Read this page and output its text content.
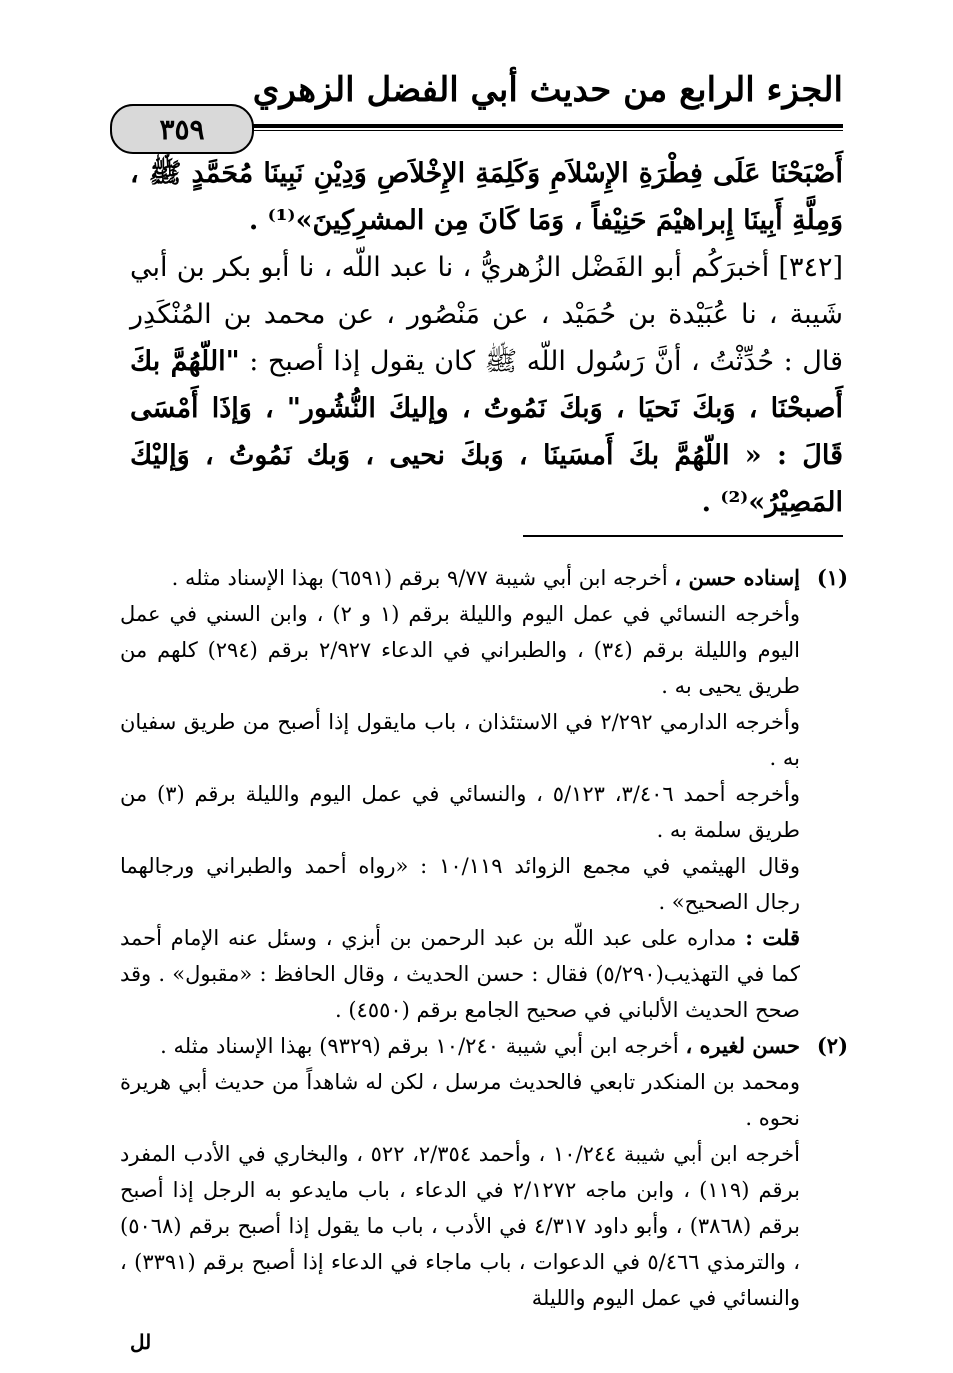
الجزء الرابع من حديث أبي الفضل الزهري
٣٥٩

أَصْبَحْنَا عَلَى فِطْرَةِ الإِسْلاَمِ وَكَلِمَةِ الإِخْلاَصِ وَدِيْنِ نَبِينَا مُحَمَّدٍ ﷺ ، وَمِلَّةِ أَبِينَا إِبراهيْمَ حَنِيْفاً ، وَمَا كَانَ مِن المشرِكِينَ»⁽¹⁾ .

[٣٤٢] أخبرَكُم أبو الفَضْل الزُهريُّ ، نا عبد اللّه ، نا أبو بكر بن أبي شَيبة ، نا عُبَيْدة بن حُمَيْد ، عن مَنْصُور ، عن محمد بن المُنْكَدِر قال : حُدِّثْتُ ، أنَّ رَسُول اللّه ﷺ كان يقول إذا أصبح : "اللّهُمَّ بكَ أَصبحْنَا ، وَبكَ نَحيَا ، وَبكَ نَمُوتُ ، وإليكَ النُّشُور" ، وَإذَا أَمْسَى قَالَ : « اللّهُمَّ بكَ أَمسَينَا ، وَبكَ نحيى ، وَبك نَمُوتُ ، وَإليْكَ المَصِيْرُ»⁽²⁾ .

(١)

إسناده حسن ، أخرجه ابن أبي شيبة ٩/٧٧ برقم (٦٥٩١) بهذا الإسناد مثله .

وأخرجه النسائي في عمل اليوم والليلة برقم (١ و ٢) ، وابن السني في عمل اليوم والليلة برقم (٣٤) ، والطبراني في الدعاء ٢/٩٢٧ برقم (٢٩٤) كلهم من طريق يحيى به .

وأخرجه الدارمي ٢/٢٩٢ في الاستئذان ، باب مايقول إذا أصبح من طريق سفيان به .

وأخرجه أحمد ٣/٤٠٦، ٥/١٢٣ ، والنسائي في عمل اليوم والليلة برقم (٣) من طريق سلمة به .

وقال الهيثمي في مجمع الزوائد ١٠/١١٩ : «رواه أحمد والطبراني ورجالهما رجال الصحيح» .

قلت : مداره على عبد اللّه بن عبد الرحمن بن أبزي ، وسئل عنه الإمام أحمد كما في التهذيب(٥/٢٩٠) فقال : حسن الحديث ، وقال الحافظ : «مقبول» . وقد صحح الحديث الألباني في صحيح الجامع برقم (٤٥٥٠) .

(٢)

حسن لغيره ، أخرجه ابن أبي شيبة ١٠/٢٤٠ برقم (٩٣٢٩) بهذا الإسناد مثله .

ومحمد بن المنكدر تابعي فالحديث مرسل ، لكن له شاهداً من حديث أبي هريرة نحوه .

أخرجه ابن أبي شيبة ١٠/٢٤٤ ، وأحمد ٢/٣٥٤، ٥٢٢ ، والبخاري في الأدب المفرد برقم (١١٩) ، وابن ماجه ٢/١٢٧٢ في الدعاء ، باب مايدعو به الرجل إذا أصبح برقم (٣٨٦٨) ، وأبو داود ٤/٣١٧ في الأدب ، باب ما يقول إذا أصبح برقم (٥٠٦٨) ، والترمذي ٥/٤٦٦ في الدعوات ، باب ماجاء في الدعاء إذا أصبح برقم (٣٣٩١) ، والنسائي في عمل اليوم والليلة

لل
